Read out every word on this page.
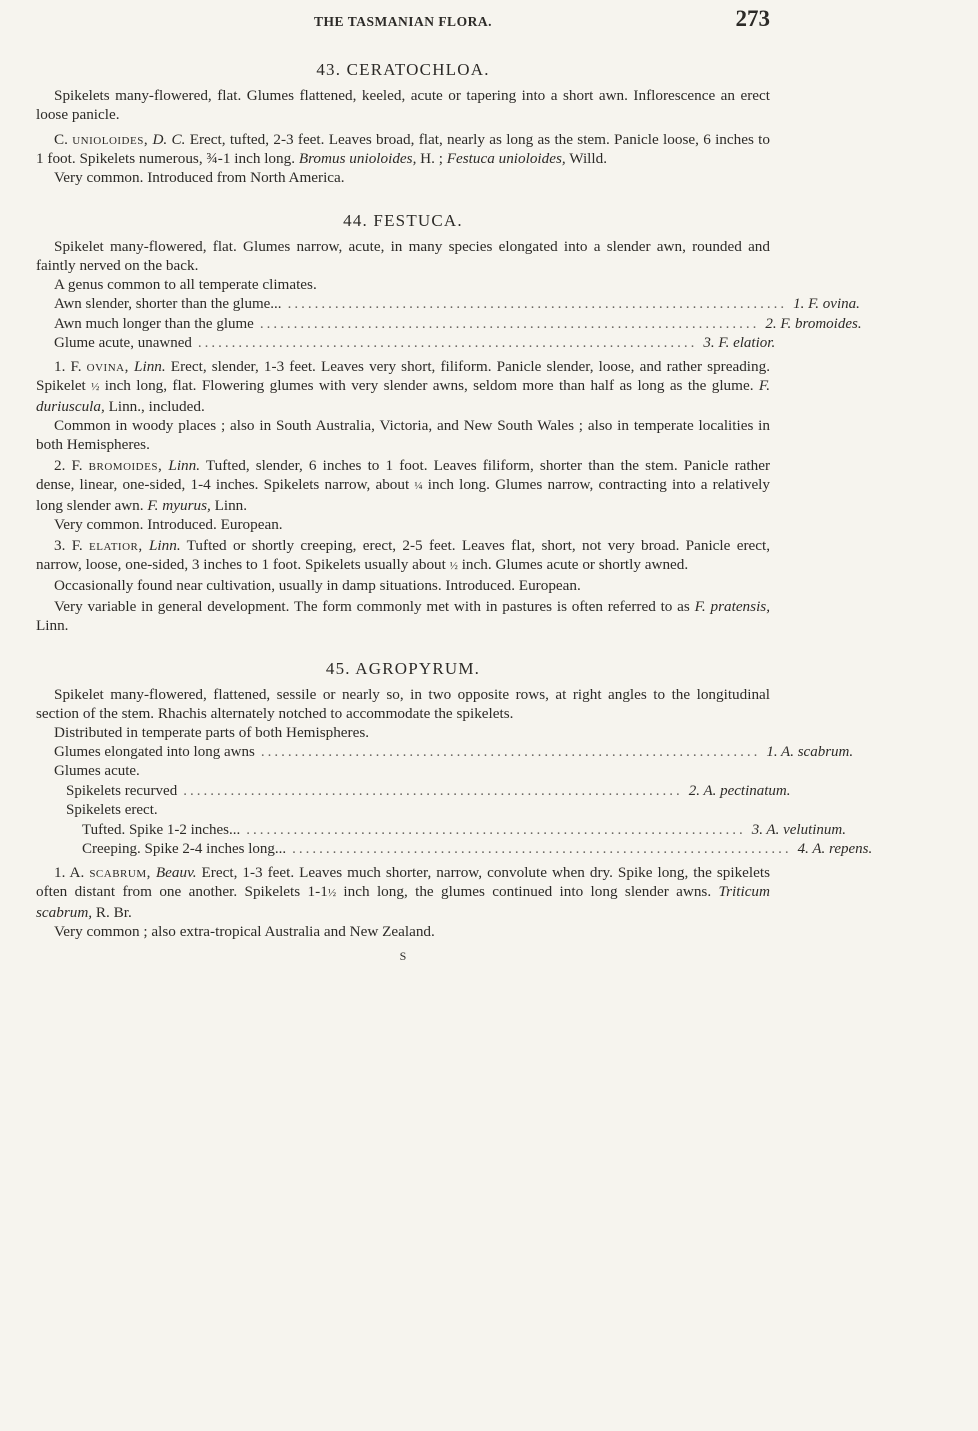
THE TASMANIAN FLORA.	273
43. CERATOCHLOA.

Spikelets many-flowered, flat. Glumes flattened, keeled, acute or tapering into a short awn. Inflorescence an erect loose panicle.

C. unioloides, D. C. Erect, tufted, 2-3 feet. Leaves broad, flat, nearly as long as the stem. Panicle loose, 6 inches to 1 foot. Spikelets numerous, ¾-1 inch long. Bromus unioloides, H. ; Festuca unioloides, Willd.

Very common. Introduced from North America.

44. FESTUCA.

Spikelet many-flowered, flat. Glumes narrow, acute, in many species elongated into a slender awn, rounded and faintly nerved on the back.

A genus common to all temperate climates.

Awn slender, shorter than the glume... .......................................................................... 1. F. ovina.
Awn much longer than the glume .......................................................................... 2. F. bromoides.
Glume acute, unawned .......................................................................... 3. F. elatior.

1. F. ovina, Linn. Erect, slender, 1-3 feet. Leaves very short, filiform. Panicle slender, loose, and rather spreading. Spikelet ½ inch long, flat. Flowering glumes with very slender awns, seldom more than half as long as the glume. F. duriuscula, Linn., included.

Common in woody places ; also in South Australia, Victoria, and New South Wales ; also in temperate localities in both Hemispheres.

2. F. bromoides, Linn. Tufted, slender, 6 inches to 1 foot. Leaves filiform, shorter than the stem. Panicle rather dense, linear, one-sided, 1-4 inches. Spikelets narrow, about ¼ inch long. Glumes narrow, contracting into a relatively long slender awn. F. myurus, Linn.

Very common. Introduced. European.

3. F. elatior, Linn. Tufted or shortly creeping, erect, 2-5 feet. Leaves flat, short, not very broad. Panicle erect, narrow, loose, one-sided, 3 inches to 1 foot. Spikelets usually about ½ inch. Glumes acute or shortly awned.

Occasionally found near cultivation, usually in damp situations. Introduced. European.

Very variable in general development. The form commonly met with in pastures is often referred to as F. pratensis, Linn.

45. AGROPYRUM.

Spikelet many-flowered, flattened, sessile or nearly so, in two opposite rows, at right angles to the longitudinal section of the stem. Rhachis alternately notched to accommodate the spikelets.

Distributed in temperate parts of both Hemispheres.

Glumes elongated into long awns .......................................................................... 1. A. scabrum.
Glumes acute.
Spikelets recurved .......................................................................... 2. A. pectinatum.
Spikelets erect.
Tufted. Spike 1-2 inches... .......................................................................... 3. A. velutinum.
Creeping. Spike 2-4 inches long... .......................................................................... 4. A. repens.

1. A. scabrum, Beauv. Erect, 1-3 feet. Leaves much shorter, narrow, convolute when dry. Spike long, the spikelets often distant from one another. Spikelets 1-1½ inch long, the glumes continued into long slender awns. Triticum scabrum, R. Br.

Very common ; also extra-tropical Australia and New Zealand.

S
